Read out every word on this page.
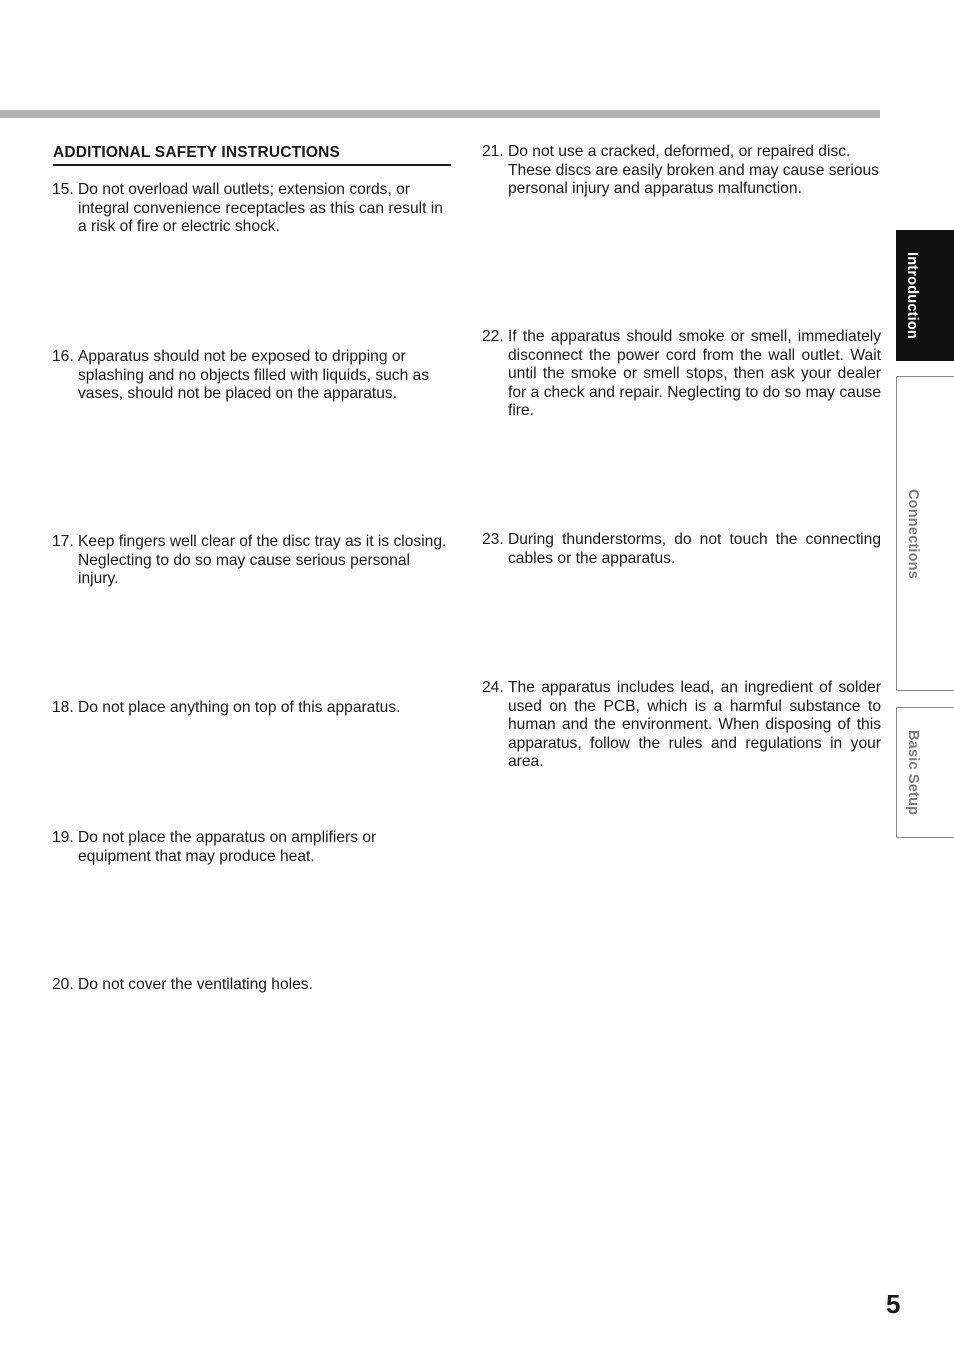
ADDITIONAL SAFETY INSTRUCTIONS
15. Do not overload wall outlets; extension cords, or integral convenience receptacles as this can result in a risk of fire or electric shock.
16. Apparatus should not be exposed to dripping or splashing and no objects filled with liquids, such as vases, should not be placed on the apparatus.
17. Keep fingers well clear of the disc tray as it is closing. Neglecting to do so may cause serious personal injury.
18. Do not place anything on top of this apparatus.
19. Do not place the apparatus on amplifiers or equipment that may produce heat.
20. Do not cover the ventilating holes.
21. Do not use a cracked, deformed, or repaired disc. These discs are easily broken and may cause serious personal injury and apparatus malfunction.
22. If the apparatus should smoke or smell, immediately disconnect the power cord from the wall outlet. Wait until the smoke or smell stops, then ask your dealer for a check and repair. Neglecting to do so may cause fire.
23. During thunderstorms, do not touch the connecting cables or the apparatus.
24. The apparatus includes lead, an ingredient of solder used on the PCB, which is a harmful substance to human and the environment. When disposing of this apparatus, follow the rules and regulations in your area.
Introduction
Connections
Basic Setup
5
